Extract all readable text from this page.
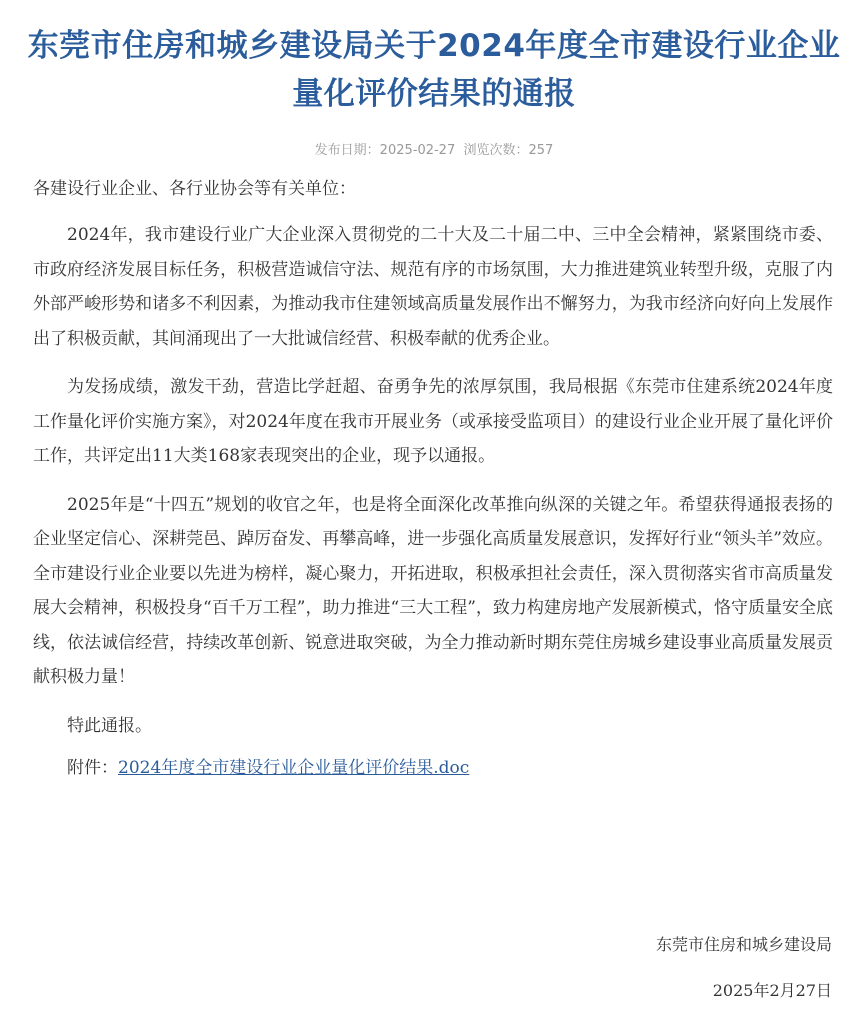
东莞市住房和城乡建设局关于2024年度全市建设行业企业量化评价结果的通报
发布日期：2025-02-27 浏览次数：257

各建设行业企业、各行业协会等有关单位：

2024年，我市建设行业广大企业深入贯彻党的二十大及二十届二中、三中全会精神，紧紧围绕市委、市政府经济发展目标任务，积极营造诚信守法、规范有序的市场氛围，大力推进建筑业转型升级，克服了内外部严峻形势和诸多不利因素，为推动我市住建领域高质量发展作出不懈努力，为我市经济向好向上发展作出了积极贡献，其间涌现出了一大批诚信经营、积极奉献的优秀企业。

为发扬成绩，激发干劲，营造比学赶超、奋勇争先的浓厚氛围，我局根据《东莞市住建系统2024年度工作量化评价实施方案》，对2024年度在我市开展业务（或承接受监项目）的建设行业企业开展了量化评价工作，共评定出11大类168家表现突出的企业，现予以通报。

2025年是“十四五”规划的收官之年，也是将全面深化改革推向纵深的关键之年。希望获得通报表扬的企业坚定信心、深耕莞邑、踔厉奋发、再攀高峰，进一步强化高质量发展意识，发挥好行业“领头羊”效应。全市建设行业企业要以先进为榜样，凝心聚力，开拓进取，积极承担社会责任，深入贯彻落实省市高质量发展大会精神，积极投身“百千万工程”，助力推进“三大工程”，致力构建房地产发展新模式，恪守质量安全底线，依法诚信经营，持续改革创新、锐意进取突破，为全力推动新时期东莞住房城乡建设事业高质量发展贡献积极力量！

特此通报。

附件：2024年度全市建设行业企业量化评价结果.doc

东莞市住房和城乡建设局
2025年2月27日
